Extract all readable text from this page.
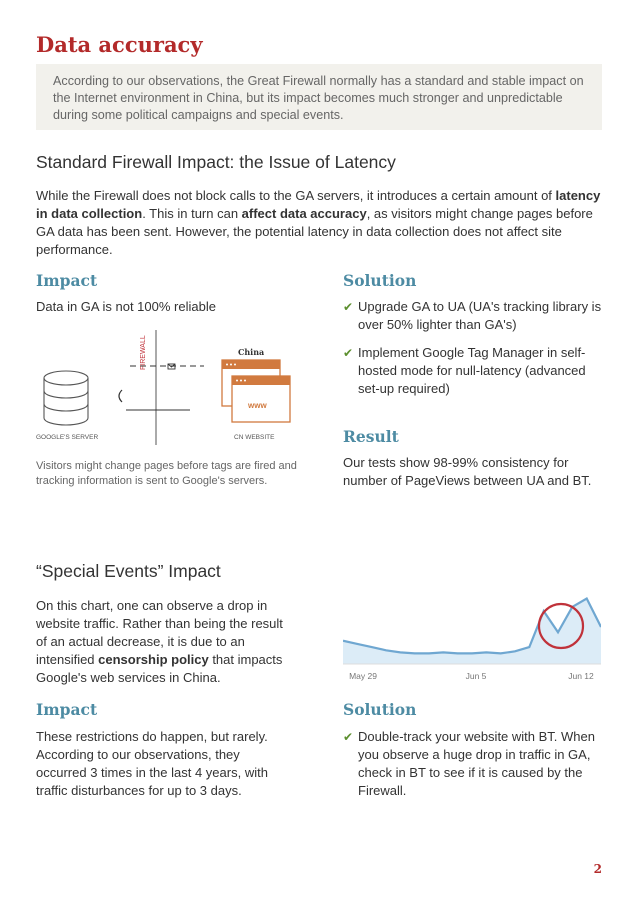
Data accuracy

According to our observations, the Great Firewall normally has a standard and stable impact on the Internet environment in China, but its impact becomes much stronger and unpredictable during some political campaigns and special events.

Standard Firewall Impact: the Issue of Latency

While the Firewall does not block calls to the GA servers, it introduces a certain amount of latency in data collection. This in turn can affect data accuracy, as visitors might change pages before GA data has been sent. However, the potential latency in data collection does not affect site performance.

Impact

Data in GA is not 100% reliable

FIREWALL	China
www
GOOGLE'S SERVER	CN WEBSITE

Visitors might change pages before tags are fired and tracking information is sent to Google's servers.

Solution
✔ Upgrade GA to UA (UA's tracking library is over 50% lighter than GA's)
✔ Implement Google Tag Manager in self-hosted mode for null-latency (advanced set-up required)
Result

Our tests show 98-99% consistency for number of PageViews between UA and BT.

“Special Events” Impact

On this chart, one can observe a drop in website traffic. Rather than being the result of an actual decrease, it is due to an intensified censorship policy that impacts Google's web services in China.	May 29	Jun 5	Jun 12
Impact

These restrictions do happen, but rarely. According to our observations, they occurred 3 times in the last 4 years, with traffic disturbances for up to 3 days.

Solution
✔ Double-track your website with BT. When you observe a huge drop in traffic in GA, check in BT to see if it is caused by the Firewall.
2
